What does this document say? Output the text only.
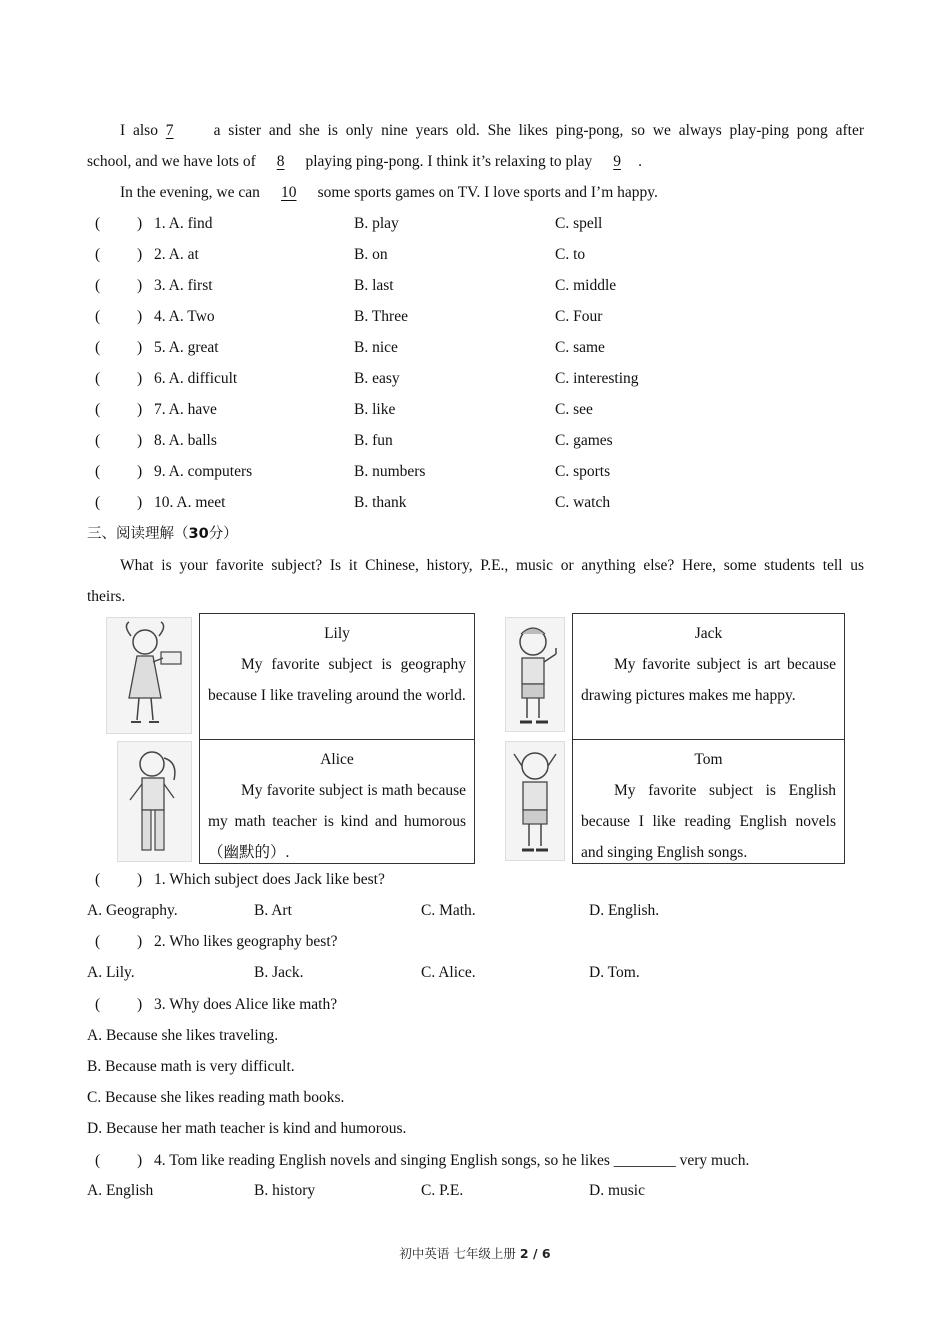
I also 7	a sister and she is only nine years old. She likes ping-pong, so we always play-ping pong after
school, and we have lots of 8 playing ping-pong. I think it’s relaxing to play 9 .
In the evening, we can 10 some sports games on TV. I love sports and I’m happy.
( ) 1. A. find	B. play	C. spell
( ) 2. A. at	B. on	C. to
( ) 3. A. first	B. last	C. middle
( ) 4. A. Two	B. Three	C. Four
( ) 5. A. great	B. nice	C. same
( ) 6. A. difficult	B. easy	C. interesting
( ) 7. A. have	B. like	C. see
( ) 8. A. balls	B. fun	C. games
( ) 9. A. computers	B. numbers	C. sports
( ) 10. A. meet	B. thank	C. watch
三、阅读理解（30分）
What is your favorite subject? Is it Chinese, history, P.E., music or anything else? Here, some students tell us
theirs.
Lily
My favorite subject is geography because I like traveling around the world.
Jack
My favorite subject is art because drawing pictures makes me happy.
Alice
My favorite subject is math because my math teacher is kind and humorous（幽默的）.
Tom
My favorite subject is English because I like reading English novels and singing English songs.
( ) 1. Which subject does Jack like best?
A. Geography.	B. Art	C. Math.	D. English.
( ) 2. Who likes geography best?
A. Lily.	B. Jack.	C. Alice.	D. Tom.
( ) 3. Why does Alice like math?
A. Because she likes traveling.
B. Because math is very difficult.
C. Because she likes reading math books.
D. Because her math teacher is kind and humorous.
( ) 4. Tom like reading English novels and singing English songs, so he likes ________ very much.
A. English	B. history	C. P.E.	D. music
初中英语 七年级上册 2 / 6
